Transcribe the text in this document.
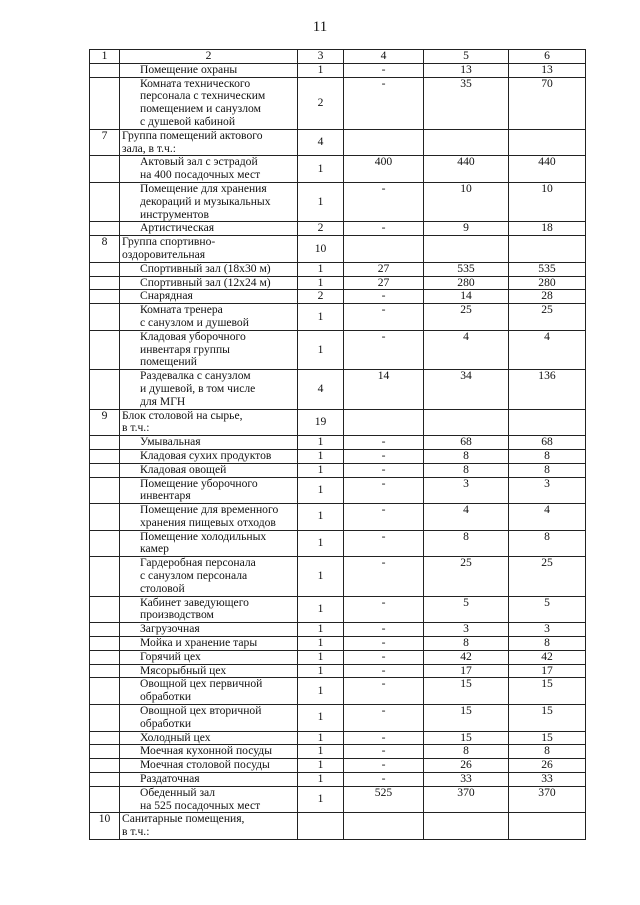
11
1	2	3	4	5	6

	Помещение охраны	1	-	13	13

	Комната технического
персонала с техническим
помещением и санузлом
с душевой кабиной	2	-	35	70
7	Группа помещений актового
зала, в т.ч.:	4			

	Актовый зал с эстрадой
на 400 посадочных мест	1	400	440	440

	Помещение для хранения
декораций и музыкальных
инструментов	1	-	10	10

	Артистическая	2	-	9	18
8	Группа спортивно-
оздоровительная	10			

	Спортивный зал (18х30 м)	1	27	535	535

	Спортивный зал (12х24 м)	1	27	280	280

	Снарядная	2	-	14	28

	Комната тренера
с санузлом и душевой	1	-	25	25

	Кладовая уборочного
инвентаря группы
помещений	1	-	4	4

	Раздевалка с санузлом
и душевой, в том числе
для МГН	4	14	34	136
9	Блок столовой на сырье,
в т.ч.:	19			

	Умывальная	1	-	68	68

	Кладовая сухих продуктов	1	-	8	8

	Кладовая овощей	1	-	8	8

	Помещение уборочного
инвентаря	1	-	3	3

	Помещение для временного
хранения пищевых отходов	1	-	4	4

	Помещение холодильных
камер	1	-	8	8

	Гардеробная персонала
с санузлом персонала
столовой	1	-	25	25

	Кабинет заведующего
производством	1	-	5	5

	Загрузочная	1	-	3	3

	Мойка и хранение тары	1	-	8	8

	Горячий цех	1	-	42	42

	Мясорыбный цех	1	-	17	17

	Овощной цех первичной
обработки	1	-	15	15

	Овощной цех вторичной
обработки	1	-	15	15

	Холодный цех	1	-	15	15

	Моечная кухонной посуды	1	-	8	8

	Моечная столовой посуды	1	-	26	26

	Раздаточная	1	-	33	33

	Обеденный зал
на 525 посадочных мест	1	525	370	370
10	Санитарные помещения,
в т.ч.:				
